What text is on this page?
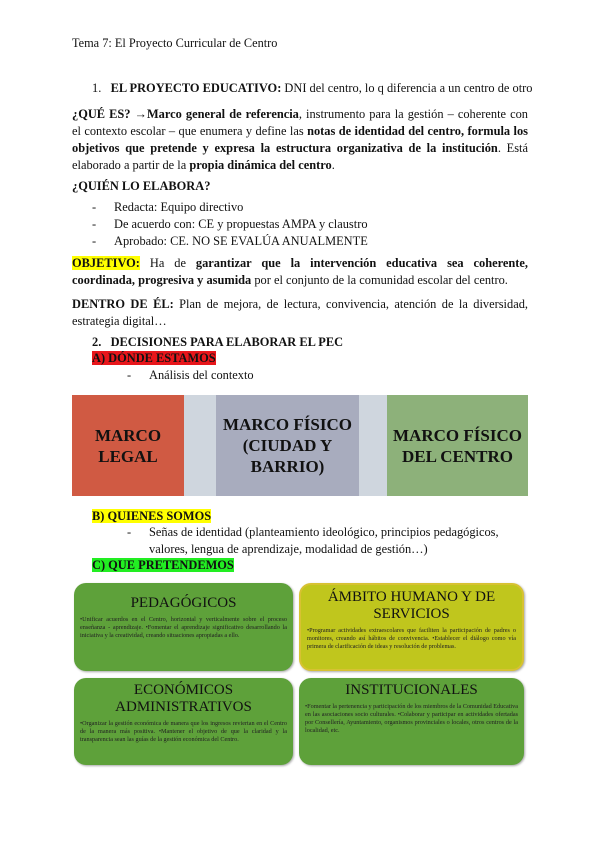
Tema 7: El Proyecto Curricular de Centro
1. EL PROYECTO EDUCATIVO: DNI del centro, lo q diferencia a un centro de otro
¿QUÉ ES? →Marco general de referencia, instrumento para la gestión – coherente con el contexto escolar – que enumera y define las notas de identidad del centro, formula los objetivos que pretende y expresa la estructura organizativa de la institución. Está elaborado a partir de la propia dinámica del centro.
¿QUIÉN LO ELABORA?
- Redacta: Equipo directivo
- De acuerdo con: CE y propuestas AMPA y claustro
- Aprobado: CE. NO SE EVALÚA ANUALMENTE
OBJETIVO: Ha de garantizar que la intervención educativa sea coherente, coordinada, progresiva y asumida por el conjunto de la comunidad escolar del centro.
DENTRO DE ÉL: Plan de mejora, de lectura, convivencia, atención de la diversidad, estrategia digital…
2. DECISIONES PARA ELABORAR EL PEC
A) DÓNDE ESTAMOS
- Análisis del contexto
MARCO LEGAL
MARCO FÍSICO (CIUDAD Y BARRIO)
MARCO FÍSICO DEL CENTRO
B) QUIENES SOMOS
- Señas de identidad (planteamiento ideológico, principios pedagógicos, valores, lengua de aprendizaje, modalidad de gestión…)
C) QUE PRETENDEMOS
PEDAGÓGICOS
•Unificar acuerdos en el Centro, horizontal y verticalmente sobre el proceso enseñanza - aprendizaje. •Fomentar el aprendizaje significativo desarrollando la iniciativa y la creatividad, creando situaciones apropiadas a ello.
ÁMBITO HUMANO Y DE SERVICIOS
•Programar actividades extraescolares que faciliten la participación de padres o monitores, creando así hábitos de convivencia. •Establecer el diálogo como vía primera de clarificación de ideas y resolución de problemas.
ECONÓMICOS ADMINISTRATIVOS
•Organizar la gestión económica de manera que los ingresos reviertan en el Centro de la manera más positiva. •Mantener el objetivo de que la claridad y la transparencia sean las guías de la gestión económica del Centro.
INSTITUCIONALES
•Fomentar la pertenencia y participación de los miembros de la Comunidad Educativa en las asociaciones socio culturales. •Colaborar y participar en actividades ofertadas por Consellería, Ayuntamiento, organismos provinciales o locales, otros centros de la localidad, etc.
